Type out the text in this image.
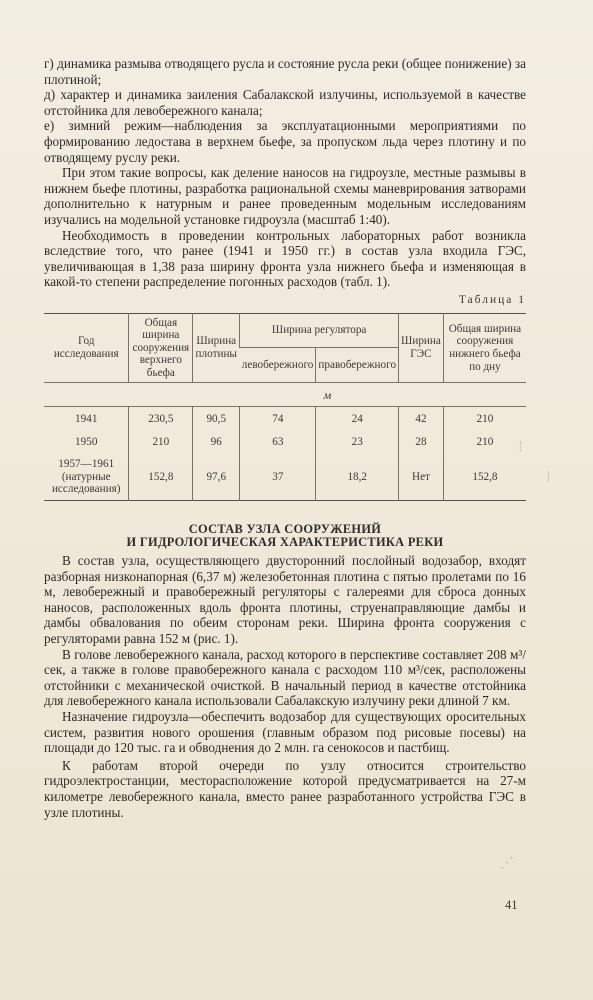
г) динамика размыва отводящего русла и состояние русла реки (общее понижение) за плотиной;

д) характер и динамика заиления Сабалакской излучины, используемой в качестве отстойника для левобережного канала;

е) зимний режим—наблюдения за эксплуатационными мероприятиями по формированию ледостава в верхнем бьефе, за пропуском льда через плотину и по отводящему руслу реки.

При этом такие вопросы, как деление наносов на гидроузле, местные размывы в нижнем бьефе плотины, разработка рациональной схемы маневрирования затворами дополнительно к натурным и ранее проведенным модельным исследованиям изучались на модельной установке гидроузла (масштаб 1:40).

Необходимость в проведении контрольных лабораторных работ возникла вследствие того, что ранее (1941 и 1950 гг.) в состав узла входила ГЭС, увеличивающая в 1,38 раза ширину фронта узла нижнего бьефа и изменяющая в какой-то степени распределение погонных расходов (табл. 1).

Таблица 1

Год исследования	Общая ширина сооружения верхнего бьефа	Ширина плотины	Ширина регулятора		Ширина ГЭС	Общая ширина сооружения нижнего бьефа по дну
			левобережного	правобережного		
	м					
1941	230,5	90,5	74	24	42	210
1950	210	96	63	23	28	210
1957—1961 (натурные исследования)	152,8	97,6	37	18,2	Нет	152,8

СОСТАВ УЗЛА СООРУЖЕНИЙ
И ГИДРОЛОГИЧЕСКАЯ ХАРАКТЕРИСТИКА РЕКИ

В состав узла, осуществляющего двусторонний послойный водозабор, входят разборная низконапорная (6,37 м) железобетонная плотина с пятью пролетами по 16 м, левобережный и правобережный регуляторы с галереями для сброса донных наносов, расположенных вдоль фронта плотины, струенаправляющие дамбы и дамбы обвалования по обеим сторонам реки. Ширина фронта сооружения с регуляторами равна 152 м (рис. 1).

В голове левобережного канала, расход которого в перспективе составляет 208 м³/сек, а также в голове правобережного канала с расходом 110 м³/сек, расположены отстойники с механической очисткой. В начальный период в качестве отстойника для левобережного канала использовали Сабалакскую излучину реки длиной 7 км.

Назначение гидроузла—обеспечить водозабор для существующих оросительных систем, развития нового орошения (главным образом под рисовые посевы) на площади до 120 тыс. га и обводнения до 2 млн. га сенокосов и пастбищ.

К работам второй очереди по узлу относится строительство гидроэлектростанции, месторасположение которой предусматривается на 27-м километре левобережного канала, вместо ранее разработанного устройства ГЭС в узле плотины.

41
⁄
⁄
⋰
